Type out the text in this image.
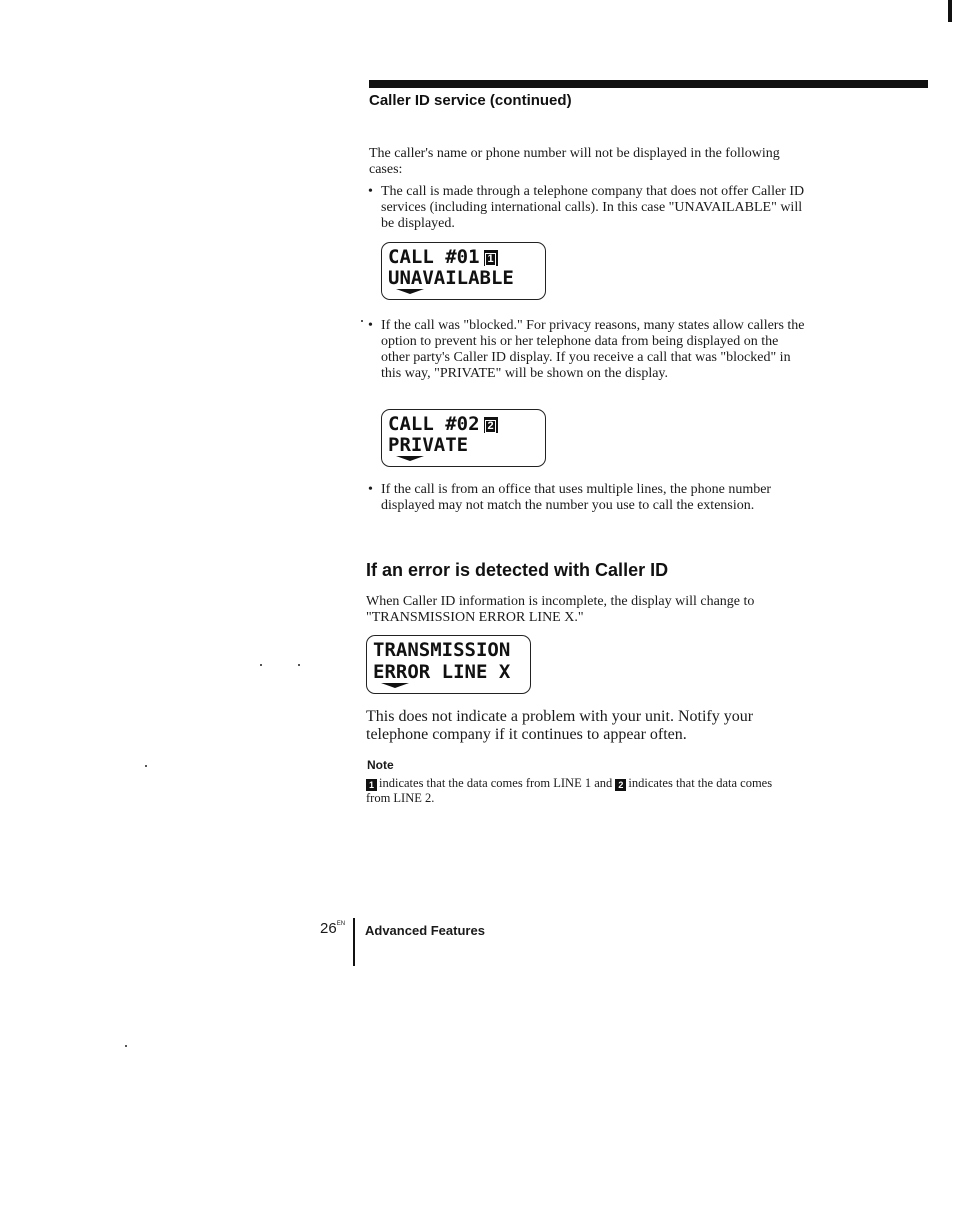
Caller ID service (continued)

The caller's name or phone number will not be displayed in the following cases:

• The call is made through a telephone company that does not offer Caller ID services (including international calls). In this case "UNAVAILABLE" will be displayed.

CALL #01 1

UNAVAILABLE

• If the call was "blocked." For privacy reasons, many states allow callers the option to prevent his or her telephone data from being displayed on the other party's Caller ID display. If you receive a call that was "blocked" in this way, "PRIVATE" will be shown on the display.

CALL #02 2

PRIVATE

• If the call is from an office that uses multiple lines, the phone number displayed may not match the number you use to call the extension.
If an error is detected with Caller ID

When Caller ID information is incomplete, the display will change to "TRANSMISSION ERROR LINE X."

TRANSMISSION

ERROR LINE X

This does not indicate a problem with your unit. Notify your telephone company if it continues to appear often.

Note

1 indicates that the data comes from LINE 1 and 2 indicates that the data comes from LINE 2.

$26^{EN}$ Advanced Features
